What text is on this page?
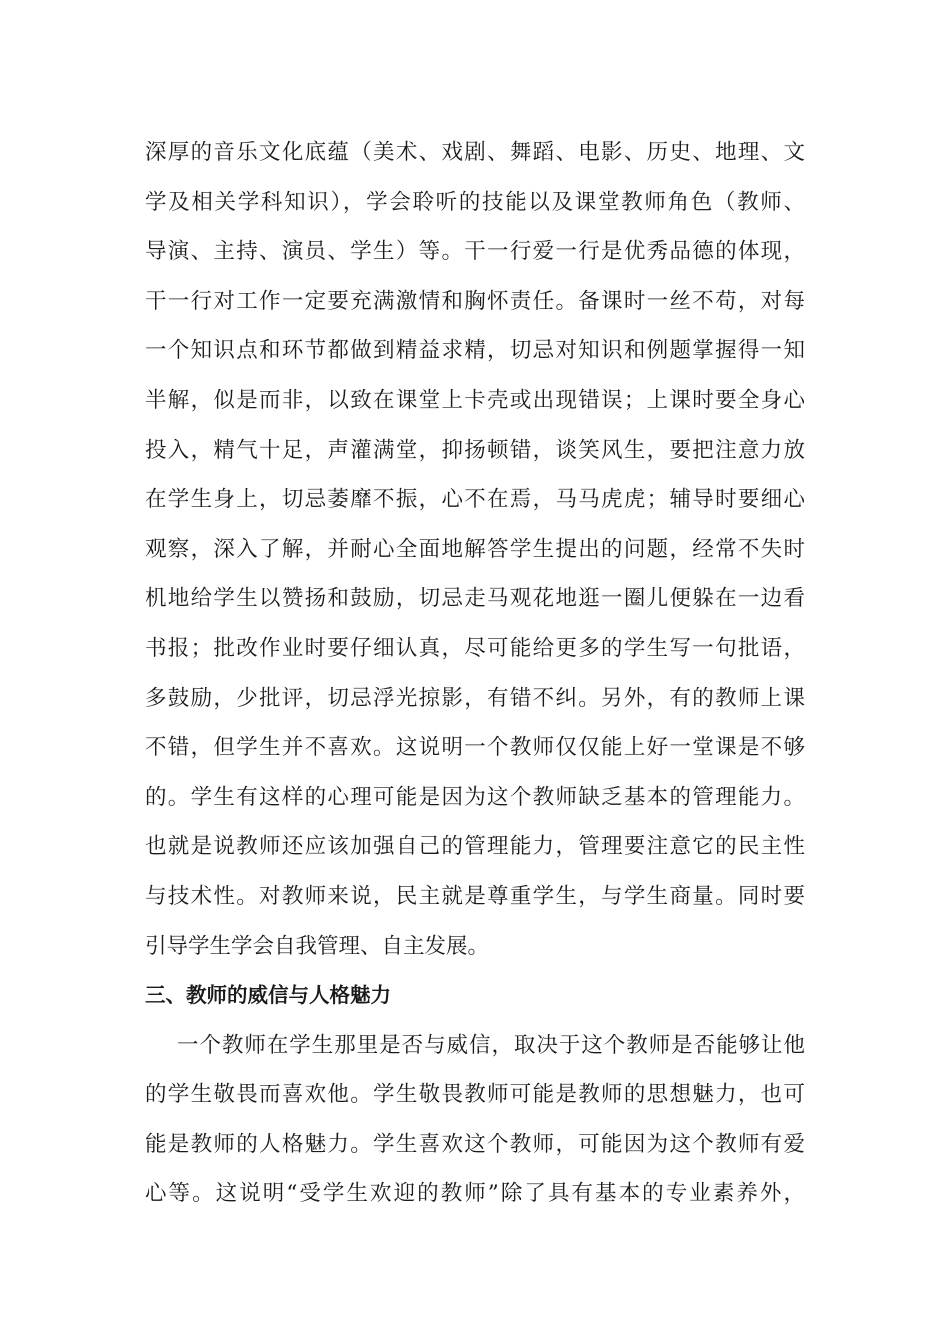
深厚的音乐文化底蕴（美术、戏剧、舞蹈、电影、历史、地理、文
学及相关学科知识），学会聆听的技能以及课堂教师角色（教师、
导演、主持、演员、学生）等。干一行爱一行是优秀品德的体现，
干一行对工作一定要充满激情和胸怀责任。备课时一丝不苟，对每
一个知识点和环节都做到精益求精，切忌对知识和例题掌握得一知
半解，似是而非，以致在课堂上卡壳或出现错误；上课时要全身心
投入，精气十足，声灌满堂，抑扬顿错，谈笑风生，要把注意力放
在学生身上，切忌萎靡不振，心不在焉，马马虎虎；辅导时要细心
观察，深入了解，并耐心全面地解答学生提出的问题，经常不失时
机地给学生以赞扬和鼓励，切忌走马观花地逛一圈儿便躲在一边看
书报；批改作业时要仔细认真，尽可能给更多的学生写一句批语，
多鼓励，少批评，切忌浮光掠影，有错不纠。另外，有的教师上课
不错，但学生并不喜欢。这说明一个教师仅仅能上好一堂课是不够
的。学生有这样的心理可能是因为这个教师缺乏基本的管理能力。
也就是说教师还应该加强自己的管理能力，管理要注意它的民主性
与技术性。对教师来说，民主就是尊重学生，与学生商量。同时要
引导学生学会自我管理、自主发展。
三、教师的威信与人格魅力
一个教师在学生那里是否与威信，取决于这个教师是否能够让他
的学生敬畏而喜欢他。学生敬畏教师可能是教师的思想魅力，也可
能是教师的人格魅力。学生喜欢这个教师，可能因为这个教师有爱
心等。这说明“受学生欢迎的教师”除了具有基本的专业素养外，
